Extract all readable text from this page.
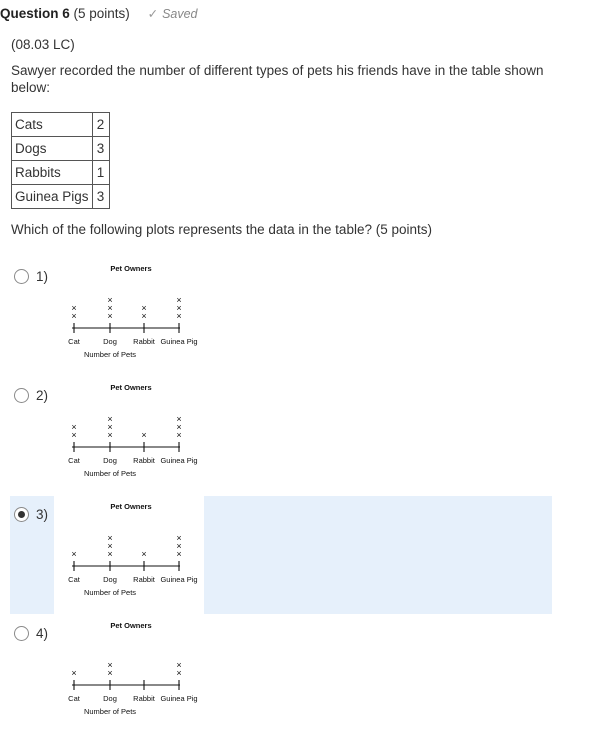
Question 6 (5 points) ✓ Saved
(08.03 LC)
Sawyer recorded the number of different types of pets his friends have in the table shown below:
Cats	2
Dogs	3
Rabbits	1
Guinea Pigs	3
Which of the following plots represents the data in the table? (5 points)
1)
Pet Owners
Cat
×
×
Dog
×
×
×
Rabbit
×
×
Guinea Pig
×
×
×
Number of Pets
2)
Pet Owners
Cat
×
×
Dog
×
×
×
Rabbit
×
Guinea Pig
×
×
×
Number of Pets
3)
Pet Owners
Cat
×
Dog
×
×
×
Rabbit
×
Guinea Pig
×
×
×
Number of Pets
4)
Pet Owners
Cat
×
Dog
×
×
Rabbit Guinea Pig
×
×
Number of Pets
